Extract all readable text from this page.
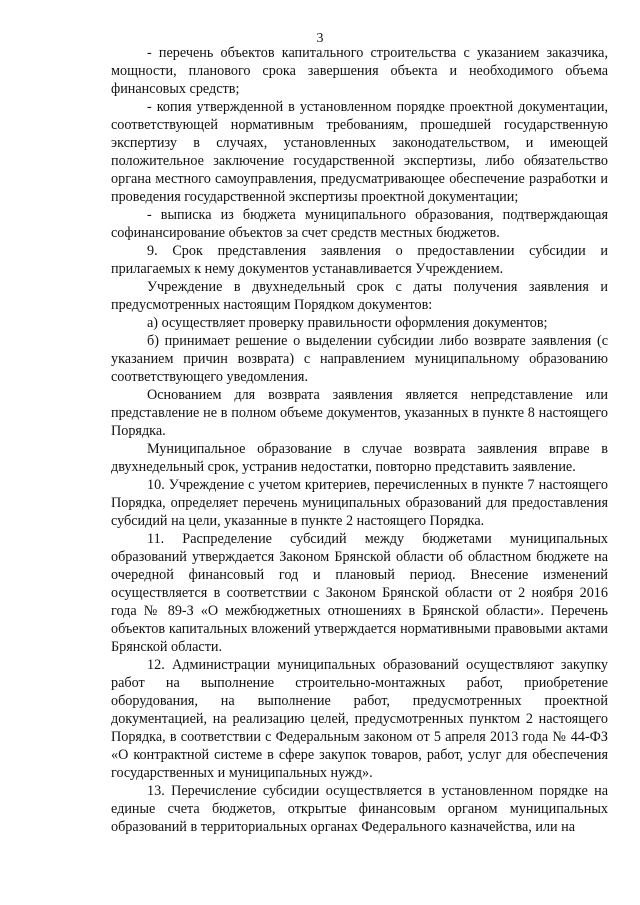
3

- перечень объектов капитального строительства с указанием заказчика, мощности, планового срока завершения объекта и необходимого объема финансовых средств;

- копия утвержденной в установленном порядке проектной документации, соответствующей нормативным требованиям, прошедшей государственную экспертизу в случаях, установленных законодательством, и имеющей положительное заключение государственной экспертизы, либо обязательство органа местного самоуправления, предусматривающее обеспечение разработки и проведения государственной экспертизы проектной документации;

- выписка из бюджета муниципального образования, подтверждающая софинансирование объектов за счет средств местных бюджетов.

9. Срок представления заявления о предоставлении субсидии и прилагаемых к нему документов устанавливается Учреждением.

Учреждение в двухнедельный срок с даты получения заявления и предусмотренных настоящим Порядком документов:

а) осуществляет проверку правильности оформления документов;

б) принимает решение о выделении субсидии либо возврате заявления (с указанием причин возврата) с направлением муниципальному образованию соответствующего уведомления.

Основанием для возврата заявления является непредставление или представление не в полном объеме документов, указанных в пункте 8 настоящего Порядка.

Муниципальное образование в случае возврата заявления вправе в двухнедельный срок, устранив недостатки, повторно представить заявление.

10. Учреждение с учетом критериев, перечисленных в пункте 7 настоящего Порядка, определяет перечень муниципальных образований для предоставления субсидий на цели, указанные в пункте 2 настоящего Порядка.

11. Распределение субсидий между бюджетами муниципальных образований утверждается Законом Брянской области об областном бюджете на очередной финансовый год и плановый период. Внесение изменений осуществляется в соответствии с Законом Брянской области от 2 ноября 2016 года № 89-З «О межбюджетных отношениях в Брянской области». Перечень объектов капитальных вложений утверждается нормативными правовыми актами Брянской области.

12. Администрации муниципальных образований осуществляют закупку работ на выполнение строительно-монтажных работ, приобретение оборудования, на выполнение работ, предусмотренных проектной документацией, на реализацию целей, предусмотренных пунктом 2 настоящего Порядка, в соответствии с Федеральным законом от 5 апреля 2013 года № 44-ФЗ «О контрактной системе в сфере закупок товаров, работ, услуг для обеспечения государственных и муниципальных нужд».

13. Перечисление субсидии осуществляется в установленном порядке на единые счета бюджетов, открытые финансовым органом муниципальных образований в территориальных органах Федерального казначейства, или на
